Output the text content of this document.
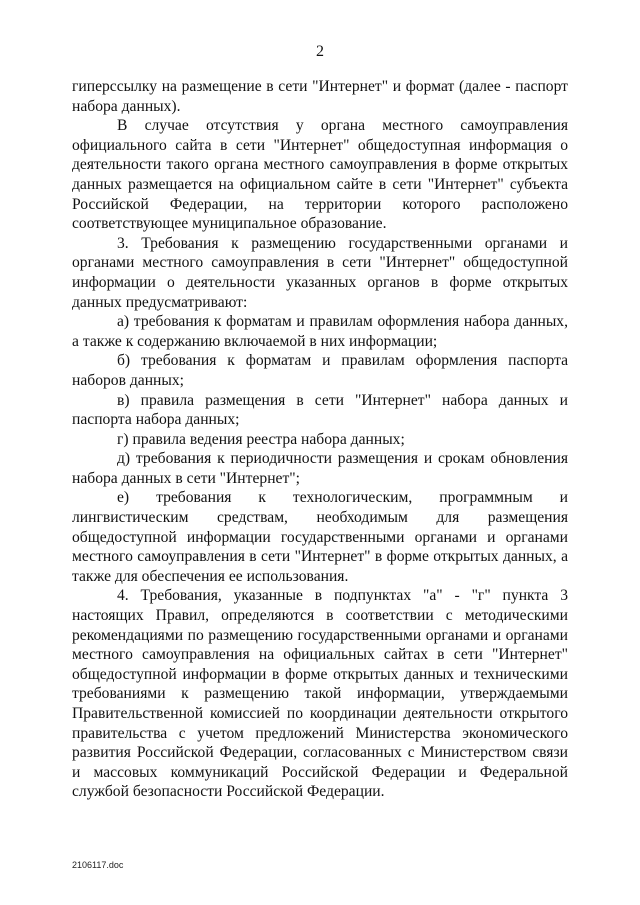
2

гиперссылку на размещение в сети "Интернет" и формат (далее - паспорт набора данных).

В случае отсутствия у органа местного самоуправления официального сайта в сети "Интернет" общедоступная информация о деятельности такого органа местного самоуправления в форме открытых данных размещается на официальном сайте в сети "Интернет" субъекта Российской Федерации, на территории которого расположено соответствующее муниципальное образование.

3. Требования к размещению государственными органами и органами местного самоуправления в сети "Интернет" общедоступной информации о деятельности указанных органов в форме открытых данных предусматривают:

а) требования к форматам и правилам оформления набора данных, а также к содержанию включаемой в них информации;

б) требования к форматам и правилам оформления паспорта наборов данных;

в) правила размещения в сети "Интернет" набора данных и паспорта набора данных;

г) правила ведения реестра набора данных;

д) требования к периодичности размещения и срокам обновления набора данных в сети "Интернет";

е) требования к технологическим, программным и лингвистическим средствам, необходимым для размещения общедоступной информации государственными органами и органами местного самоуправления в сети "Интернет" в форме открытых данных, а также для обеспечения ее использования.

4. Требования, указанные в подпунктах "а" - "г" пункта 3 настоящих Правил, определяются в соответствии с методическими рекомендациями по размещению государственными органами и органами местного самоуправления на официальных сайтах в сети "Интернет" общедоступной информации в форме открытых данных и техническими требованиями к размещению такой информации, утверждаемыми Правительственной комиссией по координации деятельности открытого правительства с учетом предложений Министерства экономического развития Российской Федерации, согласованных с Министерством связи и массовых коммуникаций Российской Федерации и Федеральной службой безопасности Российской Федерации.

2106117.doc
